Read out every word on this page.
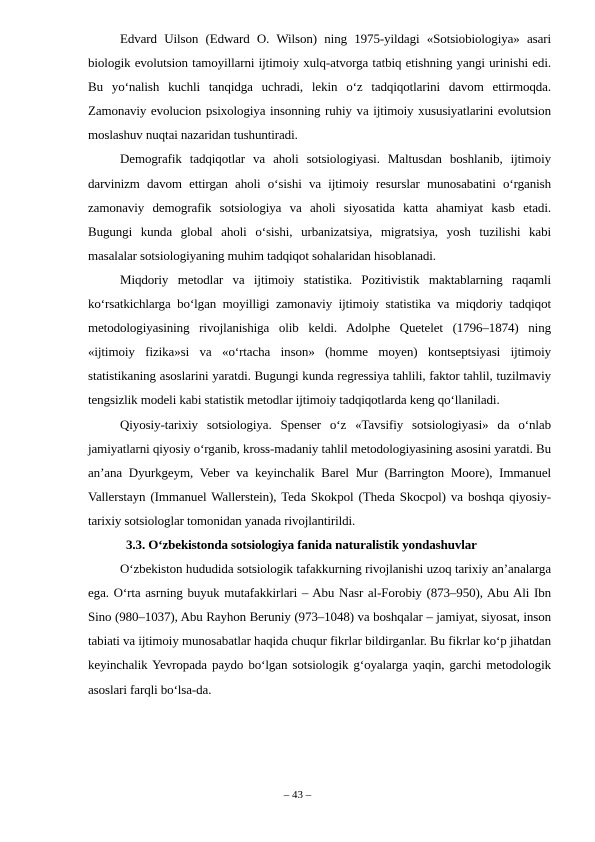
Edvard Uilson (Edward O. Wilson) ning 1975-yildagi «Sotsiobiologiya» asari biologik evolutsion tamoyillarni ijtimoiy xulq-atvorga tatbiq etishning yangi urinishi edi. Bu yo‘nalish kuchli tanqidga uchradi, lekin o‘z tadqiqotlarini davom ettirmoqda. Zamonaviy evolucion psixologiya insonning ruhiy va ijtimoiy xususiyatlarini evolutsion moslashuv nuqtai nazaridan tushuntiradi.

Demografik tadqiqotlar va aholi sotsiologiyasi. Maltusdan boshlanib, ijtimoiy darvinizm davom ettirgan aholi o‘sishi va ijtimoiy resurslar munosabatini o‘rganish zamonaviy demografik sotsiologiya va aholi siyosatida katta ahamiyat kasb etadi. Bugungi kunda global aholi o‘sishi, urbanizatsiya, migratsiya, yosh tuzilishi kabi masalalar sotsiologiyaning muhim tadqiqot sohalaridan hisoblanadi.

Miqdoriy metodlar va ijtimoiy statistika. Pozitivistik maktablarning raqamli ko‘rsatkichlarga bo‘lgan moyilligi zamonaviy ijtimoiy statistika va miqdoriy tadqiqot metodologiyasining rivojlanishiga olib keldi. Adolphe Quetelet (1796–1874) ning «ijtimoiy fizika»si va «o‘rtacha inson» (homme moyen) kontseptsiyasi ijtimoiy statistikaning asoslarini yaratdi. Bugungi kunda regressiya tahlili, faktor tahlil, tuzilmaviy tengsizlik modeli kabi statistik metodlar ijtimoiy tadqiqotlarda keng qo‘llaniladi.

Qiyosiy-tarixiy sotsiologiya. Spenser o‘z «Tavsifiy sotsiologiyasi» da o‘nlab jamiyatlarni qiyosiy o‘rganib, kross-madaniy tahlil metodologiyasining asosini yaratdi. Bu an’ana Dyurkgeym, Veber va keyinchalik Barel Mur (Barrington Moore), Immanuel Vallerstayn (Immanuel Wallerstein), Teda Skokpol (Theda Skocpol) va boshqa qiyosiy-tarixiy sotsiologlar tomonidan yanada rivojlantirildi.

3.3. O‘zbekistonda sotsiologiya fanida naturalistik yondashuvlar

O‘zbekiston hududida sotsiologik tafakkurning rivojlanishi uzoq tarixiy an’analarga ega. O‘rta asrning buyuk mutafakkirlari – Abu Nasr al-Forobiy (873–950), Abu Ali Ibn Sino (980–1037), Abu Rayhon Beruniy (973–1048) va boshqalar – jamiyat, siyosat, inson tabiati va ijtimoiy munosabatlar haqida chuqur fikrlar bildirganlar. Bu fikrlar ko‘p jihatdan keyinchalik Yevropada paydo bo‘lgan sotsiologik g‘oyalarga yaqin, garchi metodologik asoslari farqli bo‘lsa-da.

– 43 –
